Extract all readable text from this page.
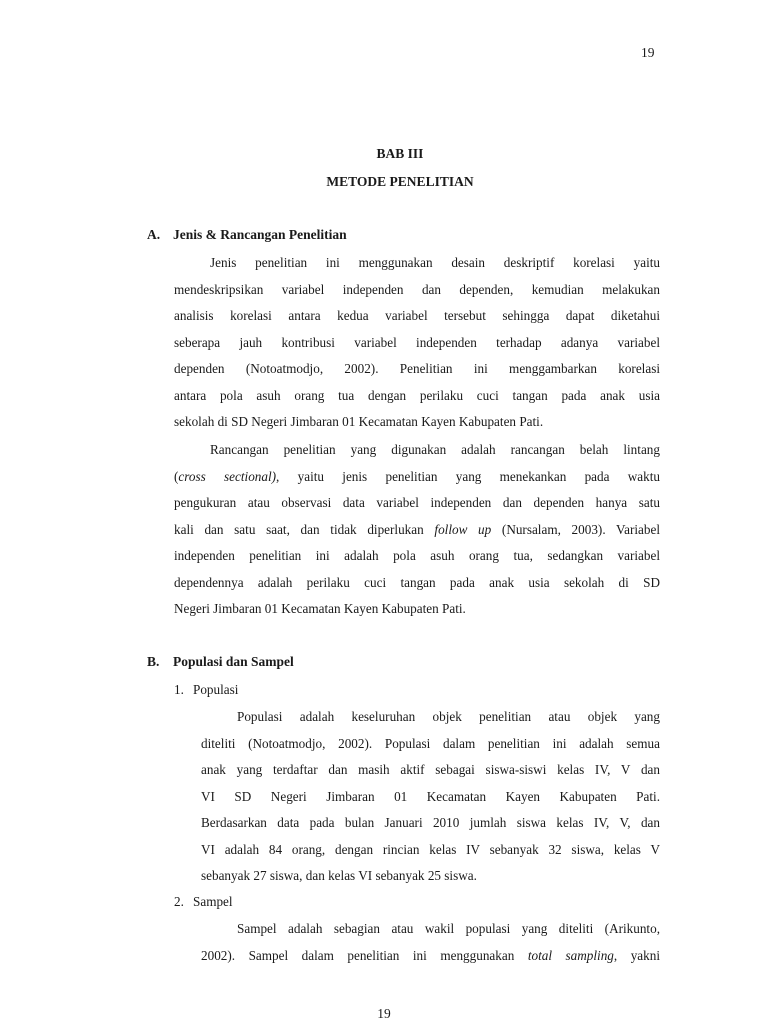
19
BAB III
METODE PENELITIAN
A. Jenis & Rancangan Penelitian
Jenis penelitian ini menggunakan desain deskriptif korelasi yaitu
mendeskripsikan variabel independen dan dependen, kemudian melakukan
analisis korelasi antara kedua variabel tersebut sehingga dapat diketahui
seberapa jauh kontribusi variabel independen terhadap adanya variabel
dependen (Notoatmodjo, 2002). Penelitian ini menggambarkan korelasi
antara pola asuh orang tua dengan perilaku cuci tangan pada anak usia
sekolah di SD Negeri Jimbaran 01 Kecamatan Kayen Kabupaten Pati.
Rancangan penelitian yang digunakan adalah rancangan belah lintang
(cross sectional), yaitu jenis penelitian yang menekankan pada waktu
pengukuran atau observasi data variabel independen dan dependen hanya satu
kali dan satu saat, dan tidak diperlukan follow up (Nursalam, 2003). Variabel
independen penelitian ini adalah pola asuh orang tua, sedangkan variabel
dependennya adalah perilaku cuci tangan pada anak usia sekolah di SD
Negeri Jimbaran 01 Kecamatan Kayen Kabupaten Pati.
B. Populasi dan Sampel
1. Populasi
Populasi adalah keseluruhan objek penelitian atau objek yang
diteliti (Notoatmodjo, 2002). Populasi dalam penelitian ini adalah semua
anak yang terdaftar dan masih aktif sebagai siswa-siswi kelas IV, V dan
VI SD Negeri Jimbaran 01 Kecamatan Kayen Kabupaten Pati.
Berdasarkan data pada bulan Januari 2010 jumlah siswa kelas IV, V, dan
VI adalah 84 orang, dengan rincian kelas IV sebanyak 32 siswa, kelas V
sebanyak 27 siswa, dan kelas VI sebanyak 25 siswa.
2. Sampel
Sampel adalah sebagian atau wakil populasi yang diteliti (Arikunto,
2002). Sampel dalam penelitian ini menggunakan total sampling, yakni
19
